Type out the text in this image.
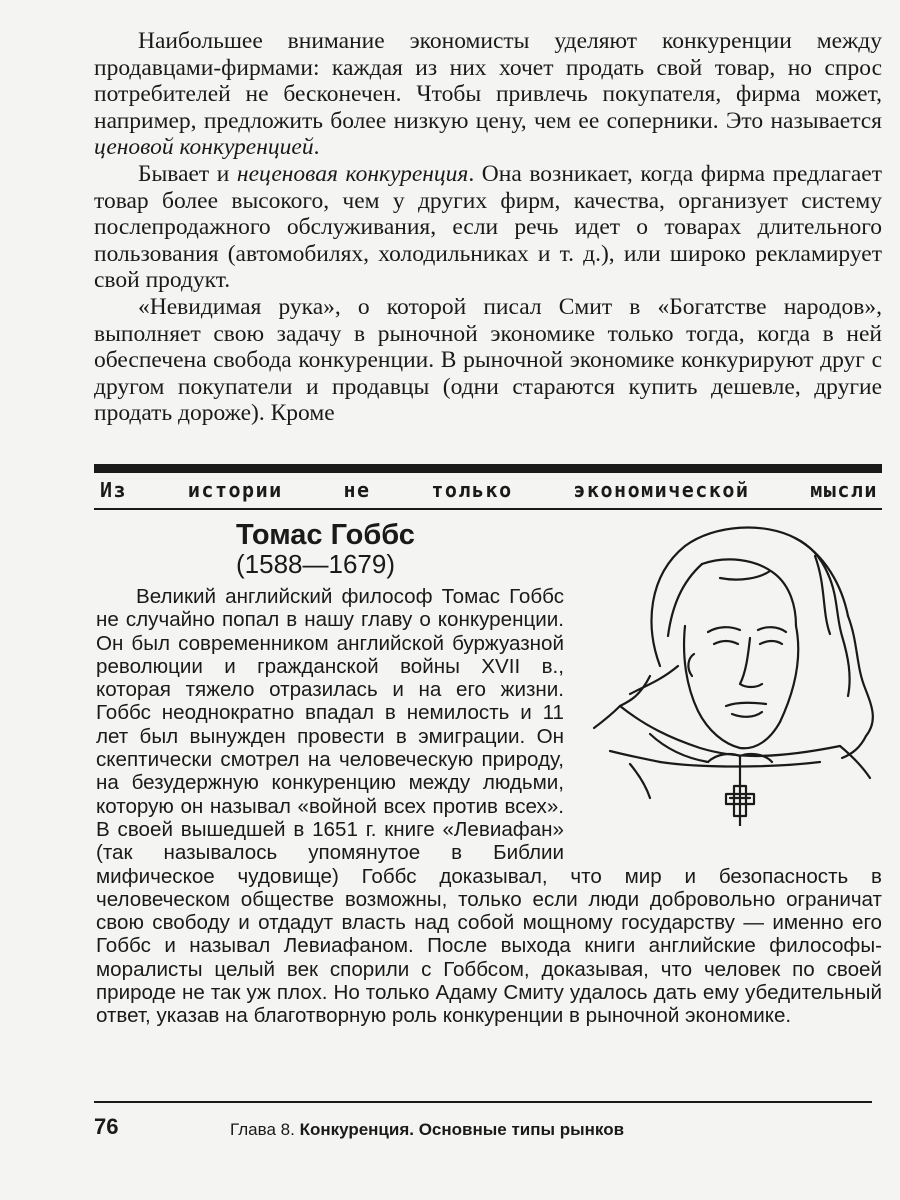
Наибольшее внимание экономисты уделяют конкуренции между продавцами-фирмами: каждая из них хочет продать свой товар, но спрос потребителей не бесконечен. Чтобы привлечь покупателя, фирма может, например, предложить более низкую цену, чем ее соперники. Это называется ценовой конкуренцией.

Бывает и неценовая конкуренция. Она возникает, когда фирма предлагает товар более высокого, чем у других фирм, качества, организует систему послепродажного обслуживания, если речь идет о товарах длительного пользования (автомобилях, холодильниках и т. д.), или широко рекламирует свой продукт.

«Невидимая рука», о которой писал Смит в «Богатстве народов», выполняет свою задачу в рыночной экономике только тогда, когда в ней обеспечена свобода конкуренции. В рыночной экономике конкурируют друг с другом покупатели и продавцы (одни стараются купить дешевле, другие продать дороже). Кроме

Из	истории	не	только	экономической	мысли
Томас Гоббс
(1588—1679)

Великий английский философ Томас Гоббс не случайно попал в нашу главу о конкуренции. Он был современником английской буржуазной революции и гражданской войны XVII в., которая тяжело отразилась и на его жизни. Гоббс неоднократно впадал в немилость и 11 лет был вынужден провести в эмиграции. Он скептически смотрел на человеческую природу, на безудержную конкуренцию между людьми, которую он называл «войной всех против всех». В своей вышедшей в 1651 г. книге «Левиафан» (так называлось упомянутое в Библии мифическое чудовище) Гоббс доказывал, что мир и безопасность в человеческом обществе возможны, только если люди добровольно ограничат свою свободу и отдадут власть над собой мощному государству — именно его Гоббс и называл Левиафаном. После выхода книги английские философы-моралисты целый век спорили с Гоббсом, доказывая, что человек по своей природе не так уж плох. Но только Адаму Смиту удалось дать ему убедительный ответ, указав на благотворную роль конкуренции в рыночной экономике.

76	Глава 8. Конкуренция. Основные типы рынков
